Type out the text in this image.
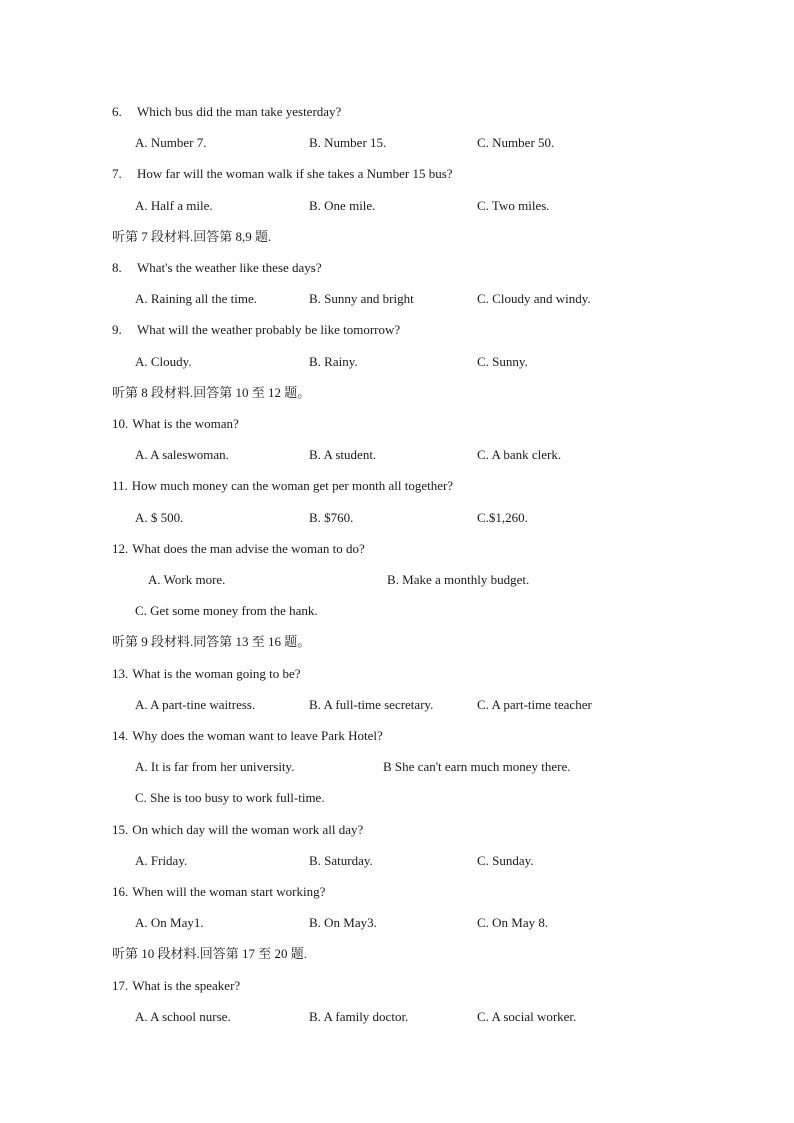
6. Which bus did the man take yesterday?
A. Number 7.	B. Number 15.	C. Number 50.
7. How far will the woman walk if she takes a Number 15 bus?
A. Half a mile.	B. One mile.	C. Two miles.
听第 7 段材料.回答第 8,9 题.
8. What's the weather like these days?
A. Raining all the time.	B. Sunny and bright	C. Cloudy and windy.
9. What will the weather probably be like tomorrow?
A. Cloudy.	B. Rainy.	C. Sunny.
听第 8 段材料.回答第 10 至 12 题。
10. What is the woman?
A. A saleswoman.	B. A student.	C. A bank clerk.
11. How much money can the woman get per month all together?
A. $ 500.	B. $760.	C.$1,260.
12. What does the man advise the woman to do?
A. Work more.	B. Make a monthly budget.
C. Get some money from the hank.
听第 9 段材料.同答第 13 至 16 题。
13. What is the woman going to be?
A. A part-tine waitress.	B. A full-time secretary.	C. A part-time teacher
14. Why does the woman want to leave Park Hotel?
A. It is far from her university.	B She can't earn much money there.
C. She is too busy to work full-time.
15. On which day will the woman work all day?
A. Friday.	B. Saturday.	C. Sunday.
16. When will the woman start working?
A. On May1.	B. On May3.	C. On May 8.
听第 10 段材料.回答第 17 至 20 题.
17. What is the speaker?
A. A school nurse.	B. A family doctor.	C. A social worker.
